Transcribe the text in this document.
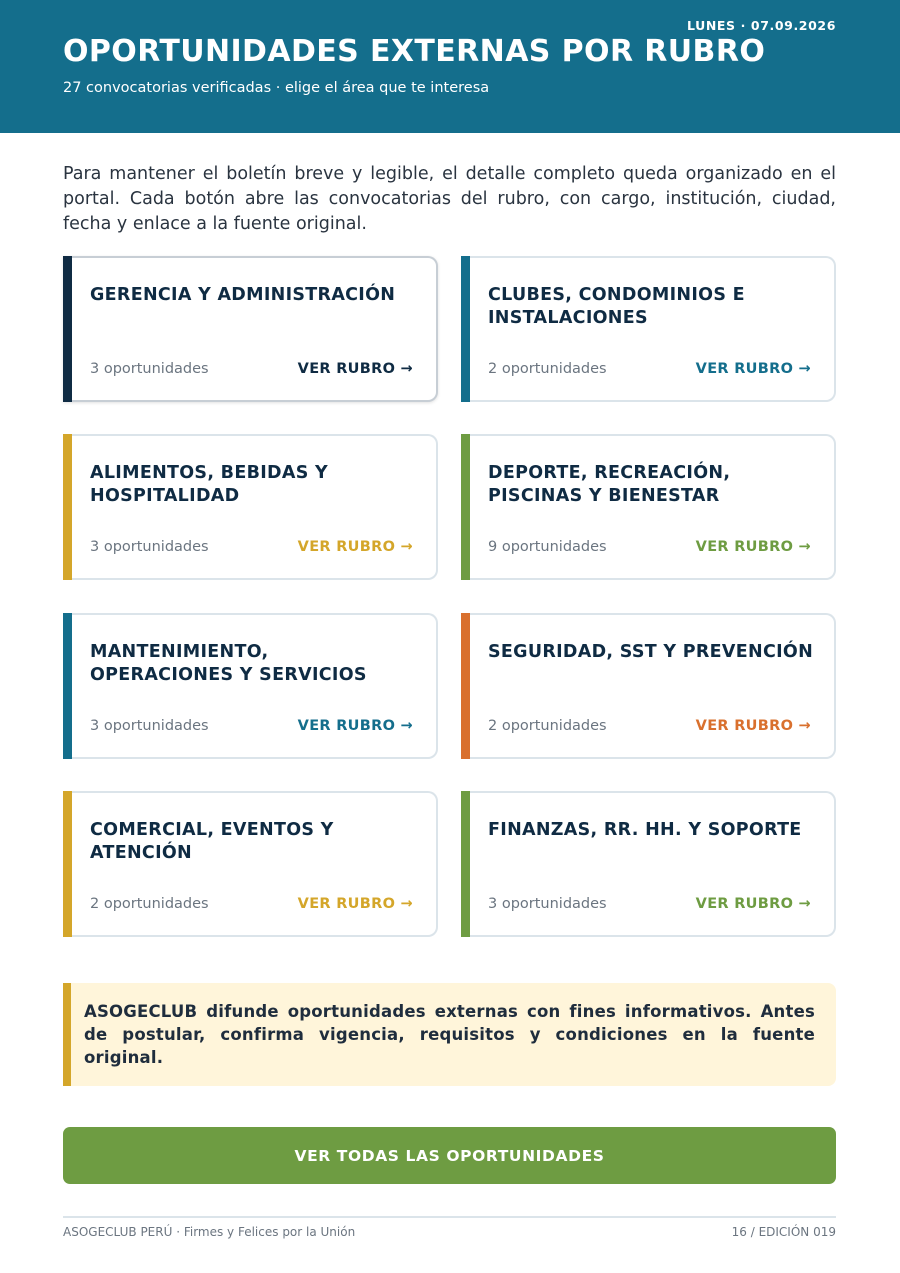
LUNES · 07.09.2026
OPORTUNIDADES EXTERNAS POR RUBRO
27 convocatorias verificadas · elige el área que te interesa

Para mantener el boletín breve y legible, el detalle completo queda organizado en el portal. Cada botón abre las convocatorias del rubro, con cargo, institución, ciudad, fecha y enlace a la fuente original.

GERENCIA Y ADMINISTRACIÓN
3 oportunidades	VER RUBRO →
CLUBES, CONDOMINIOS E INSTALACIONES
2 oportunidades	VER RUBRO →
ALIMENTOS, BEBIDAS Y HOSPITALIDAD
3 oportunidades	VER RUBRO →
DEPORTE, RECREACIÓN, PISCINAS Y BIENESTAR
9 oportunidades	VER RUBRO →
MANTENIMIENTO, OPERACIONES Y SERVICIOS
3 oportunidades	VER RUBRO →
SEGURIDAD, SST Y PREVENCIÓN
2 oportunidades	VER RUBRO →
COMERCIAL, EVENTOS Y ATENCIÓN
2 oportunidades	VER RUBRO →
FINANZAS, RR. HH. Y SOPORTE
3 oportunidades	VER RUBRO →
ASOGECLUB difunde oportunidades externas con fines informativos. Antes de postular, confirma vigencia, requisitos y condiciones en la fuente original.
VER TODAS LAS OPORTUNIDADES
ASOGECLUB PERÚ · Firmes y Felices por la Unión	16 / EDICIÓN 019
